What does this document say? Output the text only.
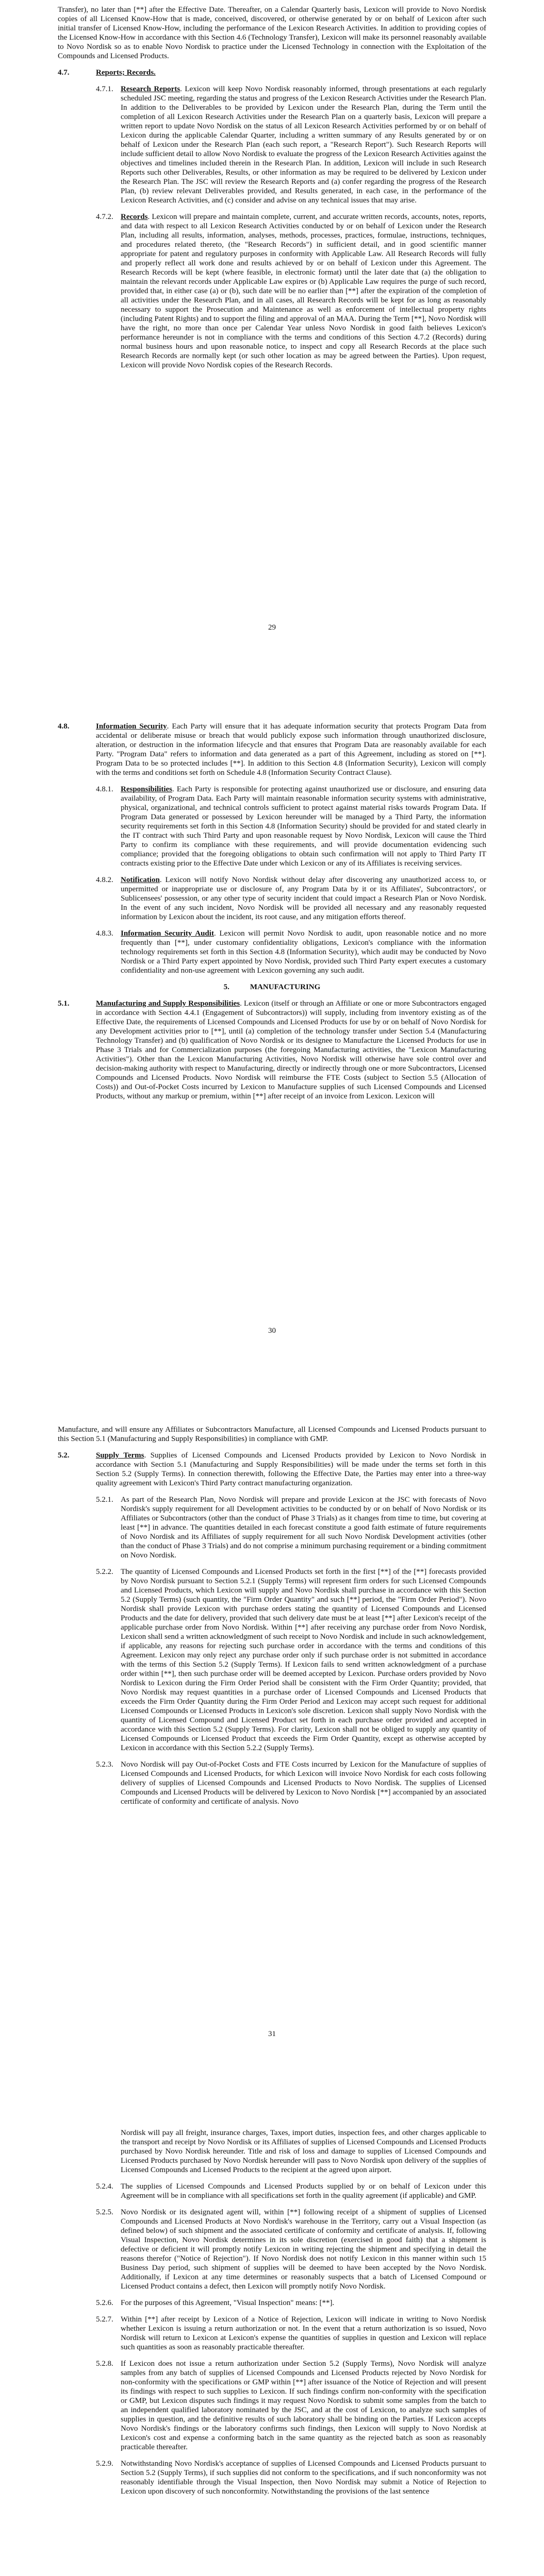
Transfer), no later than [**] after the Effective Date. Thereafter, on a Calendar Quarterly basis, Lexicon will provide to Novo Nordisk copies of all Licensed Know-How that is made, conceived, discovered, or otherwise generated by or on behalf of Lexicon after such initial transfer of Licensed Know-How, including the performance of the Lexicon Research Activities. In addition to providing copies of the Licensed Know-How in accordance with this Section 4.6 (Technology Transfer), Lexicon will make its personnel reasonably available to Novo Nordisk so as to enable Novo Nordisk to practice under the Licensed Technology in connection with the Exploitation of the Compounds and Licensed Products.

4.7.	Reports; Records.
4.7.1. Research Reports. Lexicon will keep Novo Nordisk reasonably informed, through presentations at each regularly scheduled JSC meeting, regarding the status and progress of the Lexicon Research Activities under the Research Plan. In addition to the Deliverables to be provided by Lexicon under the Research Plan, during the Term until the completion of all Lexicon Research Activities under the Research Plan on a quarterly basis, Lexicon will prepare a written report to update Novo Nordisk on the status of all Lexicon Research Activities performed by or on behalf of Lexicon during the applicable Calendar Quarter, including a written summary of any Results generated by or on behalf of Lexicon under the Research Plan (each such report, a "Research Report"). Such Research Reports will include sufficient detail to allow Novo Nordisk to evaluate the progress of the Lexicon Research Activities against the objectives and timelines included therein in the Research Plan. In addition, Lexicon will include in such Research Reports such other Deliverables, Results, or other information as may be required to be delivered by Lexicon under the Research Plan. The JSC will review the Research Reports and (a) confer regarding the progress of the Research Plan, (b) review relevant Deliverables provided, and Results generated, in each case, in the performance of the Lexicon Research Activities, and (c) consider and advise on any technical issues that may arise.
4.7.2. Records. Lexicon will prepare and maintain complete, current, and accurate written records, accounts, notes, reports, and data with respect to all Lexicon Research Activities conducted by or on behalf of Lexicon under the Research Plan, including all results, information, analyses, methods, processes, practices, formulae, instructions, techniques, and procedures related thereto, (the "Research Records") in sufficient detail, and in good scientific manner appropriate for patent and regulatory purposes in conformity with Applicable Law. All Research Records will fully and properly reflect all work done and results achieved by or on behalf of Lexicon under this Agreement. The Research Records will be kept (where feasible, in electronic format) until the later date that (a) the obligation to maintain the relevant records under Applicable Law expires or (b) Applicable Law requires the purge of such record, provided that, in either case (a) or (b), such date will be no earlier than [**] after the expiration of the completion of all activities under the Research Plan, and in all cases, all Research Records will be kept for as long as reasonably necessary to support the Prosecution and Maintenance as well as enforcement of intellectual property rights (including Patent Rights) and to support the filing and approval of an MAA. During the Term [**], Novo Nordisk will have the right, no more than once per Calendar Year unless Novo Nordisk in good faith believes Lexicon's performance hereunder is not in compliance with the terms and conditions of this Section 4.7.2 (Records) during normal business hours and upon reasonable notice, to inspect and copy all Research Records at the place such Research Records are normally kept (or such other location as may be agreed between the Parties). Upon request, Lexicon will provide Novo Nordisk copies of the Research Records.
29
4.8.	Information Security. Each Party will ensure that it has adequate information security that protects Program Data from accidental or deliberate misuse or breach that would publicly expose such information through unauthorized disclosure, alteration, or destruction in the information lifecycle and that ensures that Program Data are reasonably available for each Party. "Program Data" refers to information and data generated as a part of this Agreement, including as stored on [**]. Program Data to be so protected includes [**]. In addition to this Section 4.8 (Information Security), Lexicon will comply with the terms and conditions set forth on Schedule 4.8 (Information Security Contract Clause).
4.8.1. Responsibilities. Each Party is responsible for protecting against unauthorized use or disclosure, and ensuring data availability, of Program Data. Each Party will maintain reasonable information security systems with administrative, physical, organizational, and technical controls sufficient to protect against material risks towards Program Data. If Program Data generated or possessed by Lexicon hereunder will be managed by a Third Party, the information security requirements set forth in this Section 4.8 (Information Security) should be provided for and stated clearly in the IT contract with such Third Party and upon reasonable request by Novo Nordisk, Lexicon will cause the Third Party to confirm its compliance with these requirements, and will provide documentation evidencing such compliance; provided that the foregoing obligations to obtain such confirmation will not apply to Third Party IT contracts existing prior to the Effective Date under which Lexicon or any of its Affiliates is receiving services.
4.8.2. Notification. Lexicon will notify Novo Nordisk without delay after discovering any unauthorized access to, or unpermitted or inappropriate use or disclosure of, any Program Data by it or its Affiliates', Subcontractors', or Sublicensees' possession, or any other type of security incident that could impact a Research Plan or Novo Nordisk. In the event of any such incident, Novo Nordisk will be provided all necessary and any reasonably requested information by Lexicon about the incident, its root cause, and any mitigation efforts thereof.
4.8.3. Information Security Audit. Lexicon will permit Novo Nordisk to audit, upon reasonable notice and no more frequently than [**], under customary confidentiality obligations, Lexicon's compliance with the information technology requirements set forth in this Section 4.8 (Information Security), which audit may be conducted by Novo Nordisk or a Third Party expert appointed by Novo Nordisk, provided such Third Party expert executes a customary confidentiality and non-use agreement with Lexicon governing any such audit.
5.	MANUFACTURING
5.1.	Manufacturing and Supply Responsibilities. Lexicon (itself or through an Affiliate or one or more Subcontractors engaged in accordance with Section 4.4.1 (Engagement of Subcontractors)) will supply, including from inventory existing as of the Effective Date, the requirements of Licensed Compounds and Licensed Products for use by or on behalf of Novo Nordisk for any Development activities prior to [**], until (a) completion of the technology transfer under Section 5.4 (Manufacturing Technology Transfer) and (b) qualification of Novo Nordisk or its designee to Manufacture the Licensed Products for use in Phase 3 Trials and for Commercialization purposes (the foregoing Manufacturing activities, the "Lexicon Manufacturing Activities"). Other than the Lexicon Manufacturing Activities, Novo Nordisk will otherwise have sole control over and decision-making authority with respect to Manufacturing, directly or indirectly through one or more Subcontractors, Licensed Compounds and Licensed Products. Novo Nordisk will reimburse the FTE Costs (subject to Section 5.5 (Allocation of Costs)) and Out-of-Pocket Costs incurred by Lexicon to Manufacture supplies of such Licensed Compounds and Licensed Products, without any markup or premium, within [**] after receipt of an invoice from Lexicon. Lexicon will
30

Manufacture, and will ensure any Affiliates or Subcontractors Manufacture, all Licensed Compounds and Licensed Products pursuant to this Section 5.1 (Manufacturing and Supply Responsibilities) in compliance with GMP.

5.2.	Supply Terms. Supplies of Licensed Compounds and Licensed Products provided by Lexicon to Novo Nordisk in accordance with Section 5.1 (Manufacturing and Supply Responsibilities) will be made under the terms set forth in this Section 5.2 (Supply Terms). In connection therewith, following the Effective Date, the Parties may enter into a three-way quality agreement with Lexicon's Third Party contract manufacturing organization.
5.2.1. As part of the Research Plan, Novo Nordisk will prepare and provide Lexicon at the JSC with forecasts of Novo Nordisk's supply requirement for all Development activities to be conducted by or on behalf of Novo Nordisk or its Affiliates or Subcontractors (other than the conduct of Phase 3 Trials) as it changes from time to time, but covering at least [**] in advance. The quantities detailed in each forecast constitute a good faith estimate of future requirements of Novo Nordisk and its Affiliates of supply requirement for all such Novo Nordisk Development activities (other than the conduct of Phase 3 Trials) and do not comprise a minimum purchasing requirement or a binding commitment on Novo Nordisk.
5.2.2. The quantity of Licensed Compounds and Licensed Products set forth in the first [**] of the [**] forecasts provided by Novo Nordisk pursuant to Section 5.2.1 (Supply Terms) will represent firm orders for such Licensed Compounds and Licensed Products, which Lexicon will supply and Novo Nordisk shall purchase in accordance with this Section 5.2 (Supply Terms) (such quantity, the "Firm Order Quantity" and such [**] period, the "Firm Order Period"). Novo Nordisk shall provide Lexicon with purchase orders stating the quantity of Licensed Compounds and Licensed Products and the date for delivery, provided that such delivery date must be at least [**] after Lexicon's receipt of the applicable purchase order from Novo Nordisk. Within [**] after receiving any purchase order from Novo Nordisk, Lexicon shall send a written acknowledgment of such receipt to Novo Nordisk and include in such acknowledgement, if applicable, any reasons for rejecting such purchase order in accordance with the terms and conditions of this Agreement. Lexicon may only reject any purchase order only if such purchase order is not submitted in accordance with the terms of this Section 5.2 (Supply Terms). If Lexicon fails to send written acknowledgment of a purchase order within [**], then such purchase order will be deemed accepted by Lexicon. Purchase orders provided by Novo Nordisk to Lexicon during the Firm Order Period shall be consistent with the Firm Order Quantity; provided, that Novo Nordisk may request quantities in a purchase order of Licensed Compounds and Licensed Products that exceeds the Firm Order Quantity during the Firm Order Period and Lexicon may accept such request for additional Licensed Compounds or Licensed Products in Lexicon's sole discretion. Lexicon shall supply Novo Nordisk with the quantity of Licensed Compound and Licensed Product set forth in each purchase order provided and accepted in accordance with this Section 5.2 (Supply Terms). For clarity, Lexicon shall not be obliged to supply any quantity of Licensed Compounds or Licensed Product that exceeds the Firm Order Quantity, except as otherwise accepted by Lexicon in accordance with this Section 5.2.2 (Supply Terms).
5.2.3. Novo Nordisk will pay Out-of-Pocket Costs and FTE Costs incurred by Lexicon for the Manufacture of supplies of Licensed Compounds and Licensed Products, for which Lexicon will invoice Novo Nordisk for each costs following delivery of supplies of Licensed Compounds and Licensed Products to Novo Nordisk. The supplies of Licensed Compounds and Licensed Products will be delivered by Lexicon to Novo Nordisk [**] accompanied by an associated certificate of conformity and certificate of analysis. Novo
31

Nordisk will pay all freight, insurance charges, Taxes, import duties, inspection fees, and other charges applicable to the transport and receipt by Novo Nordisk or its Affiliates of supplies of Licensed Compounds and Licensed Products purchased by Novo Nordisk hereunder. Title and risk of loss and damage to supplies of Licensed Compounds and Licensed Products purchased by Novo Nordisk hereunder will pass to Novo Nordisk upon delivery of the supplies of Licensed Compounds and Licensed Products to the recipient at the agreed upon airport.

5.2.4. The supplies of Licensed Compounds and Licensed Products supplied by or on behalf of Lexicon under this Agreement will be in compliance with all specifications set forth in the quality agreement (if applicable) and GMP.
5.2.5. Novo Nordisk or its designated agent will, within [**] following receipt of a shipment of supplies of Licensed Compounds and Licensed Products at Novo Nordisk's warehouse in the Territory, carry out a Visual Inspection (as defined below) of such shipment and the associated certificate of conformity and certificate of analysis. If, following Visual Inspection, Novo Nordisk determines in its sole discretion (exercised in good faith) that a shipment is defective or deficient it will promptly notify Lexicon in writing rejecting the shipment and specifying in detail the reasons therefor ("Notice of Rejection"). If Novo Nordisk does not notify Lexicon in this manner within such 15 Business Day period, such shipment of supplies will be deemed to have been accepted by the Novo Nordisk. Additionally, if Lexicon at any time determines or reasonably suspects that a batch of Licensed Compound or Licensed Product contains a defect, then Lexicon will promptly notify Novo Nordisk.
5.2.6. For the purposes of this Agreement, "Visual Inspection" means: [**].
5.2.7. Within [**] after receipt by Lexicon of a Notice of Rejection, Lexicon will indicate in writing to Novo Nordisk whether Lexicon is issuing a return authorization or not. In the event that a return authorization is so issued, Novo Nordisk will return to Lexicon at Lexicon's expense the quantities of supplies in question and Lexicon will replace such quantities as soon as reasonably practicable thereafter.
5.2.8. If Lexicon does not issue a return authorization under Section 5.2 (Supply Terms), Novo Nordisk will analyze samples from any batch of supplies of Licensed Compounds and Licensed Products rejected by Novo Nordisk for non-conformity with the specifications or GMP within [**] after issuance of the Notice of Rejection and will present its findings with respect to such supplies to Lexicon. If such findings confirm non-conformity with the specification or GMP, but Lexicon disputes such findings it may request Novo Nordisk to submit some samples from the batch to an independent qualified laboratory nominated by the JSC, and at the cost of Lexicon, to analyze such samples of supplies in question, and the definitive results of such laboratory shall be binding on the Parties. If Lexicon accepts Novo Nordisk's findings or the laboratory confirms such findings, then Lexicon will supply to Novo Nordisk at Lexicon's cost and expense a conforming batch in the same quantity as the rejected batch as soon as reasonably practicable thereafter.
5.2.9. Notwithstanding Novo Nordisk's acceptance of supplies of Licensed Compounds and Licensed Products pursuant to Section 5.2 (Supply Terms), if such supplies did not conform to the specifications, and if such nonconformity was not reasonably identifiable through the Visual Inspection, then Novo Nordisk may submit a Notice of Rejection to Lexicon upon discovery of such nonconformity. Notwithstanding the provisions of the last sentence
